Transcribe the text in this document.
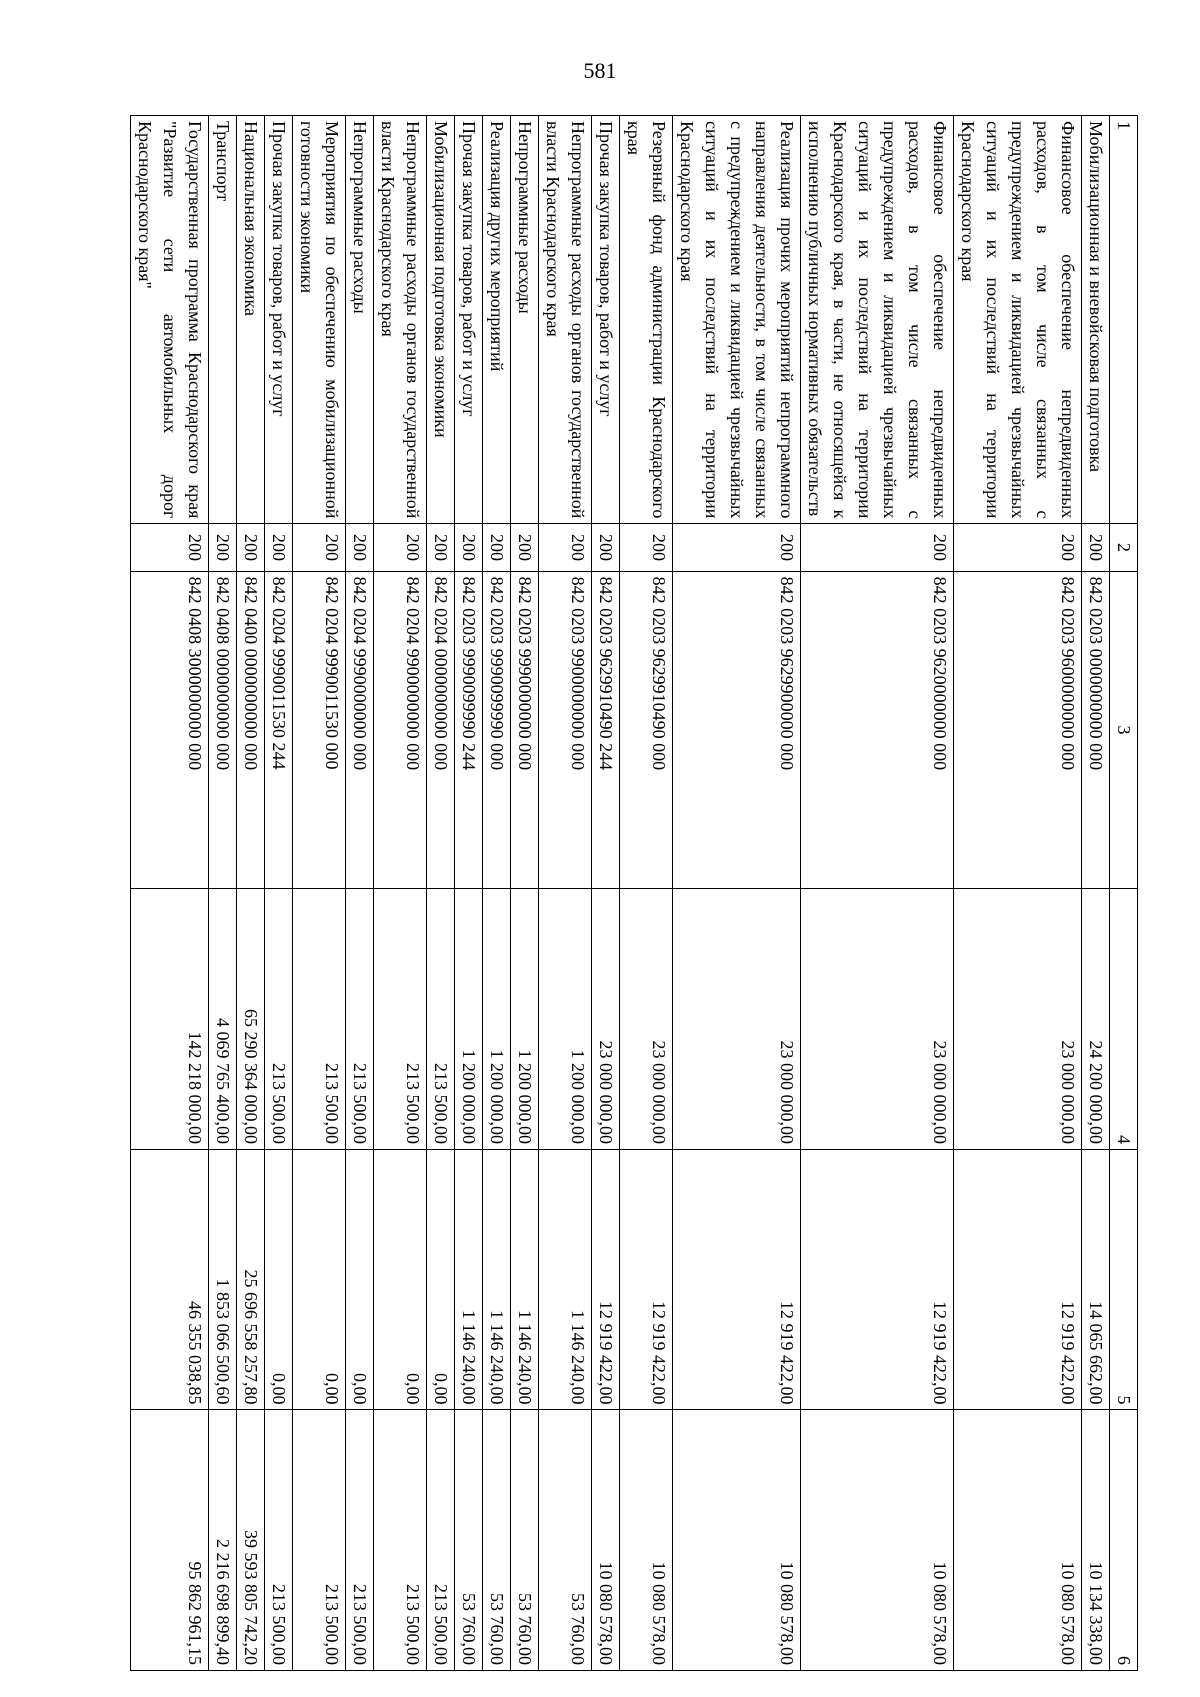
581
1	2	3	4	5	6
Мобилизационная и вневойсковая подготовка	200	842 0203 0000000000 000	24 200 000,00	14 065 662,00	10 134 338,00
Финансовое обеспечение непредвиденных расходов, в том числе связанных с предупреждением и ликвидацией чрезвычайных ситуаций и их последствий на территории Краснодарского края	200	842 0203 9600000000 000	23 000 000,00	12 919 422,00	10 080 578,00
Финансовое обеспечение непредвиденных расходов, в том числе связанных с предупреждением и ликвидацией чрезвычайных ситуаций и их последствий на территории Краснодарского края, в части, не относящейся к исполнению публичных нормативных обязательств	200	842 0203 9620000000 000	23 000 000,00	12 919 422,00	10 080 578,00
Реализация прочих мероприятий непрограммного направления деятельности, в том числе связанных с предупреждением и ликвидацией чрезвычайных ситуаций и их последствий на территории Краснодарского края	200	842 0203 9629900000 000	23 000 000,00	12 919 422,00	10 080 578,00
Резервный фонд администрации Краснодарского края	200	842 0203 9629910490 000	23 000 000,00	12 919 422,00	10 080 578,00
Прочая закупка товаров, работ и услуг	200	842 0203 9629910490 244	23 000 000,00	12 919 422,00	10 080 578,00
Непрограммные расходы органов государственной власти Краснодарского края	200	842 0203 9900000000 000	1 200 000,00	1 146 240,00	53 760,00
Непрограммные расходы	200	842 0203 9990000000 000	1 200 000,00	1 146 240,00	53 760,00
Реализация других мероприятий	200	842 0203 9990099990 000	1 200 000,00	1 146 240,00	53 760,00
Прочая закупка товаров, работ и услуг	200	842 0203 9990099990 244	1 200 000,00	1 146 240,00	53 760,00
Мобилизационная подготовка экономики	200	842 0204 0000000000 000	213 500,00	0,00	213 500,00
Непрограммные расходы органов государственной власти Краснодарского края	200	842 0204 9900000000 000	213 500,00	0,00	213 500,00
Непрограммные расходы	200	842 0204 9990000000 000	213 500,00	0,00	213 500,00
Мероприятия по обеспечению мобилизационной готовности экономики	200	842 0204 9990011530 000	213 500,00	0,00	213 500,00
Прочая закупка товаров, работ и услуг	200	842 0204 9990011530 244	213 500,00	0,00	213 500,00
Национальная экономика	200	842 0400 0000000000 000	65 290 364 000,00	25 696 558 257,80	39 593 805 742,20
Транспорт	200	842 0408 0000000000 000	4 069 765 400,00	1 853 066 500,60	2 216 698 899,40
Государственная программа Краснодарского края "Развитие сети автомобильных дорог Краснодарского края"	200	842 0408 3000000000 000	142 218 000,00	46 355 038,85	95 862 961,15
